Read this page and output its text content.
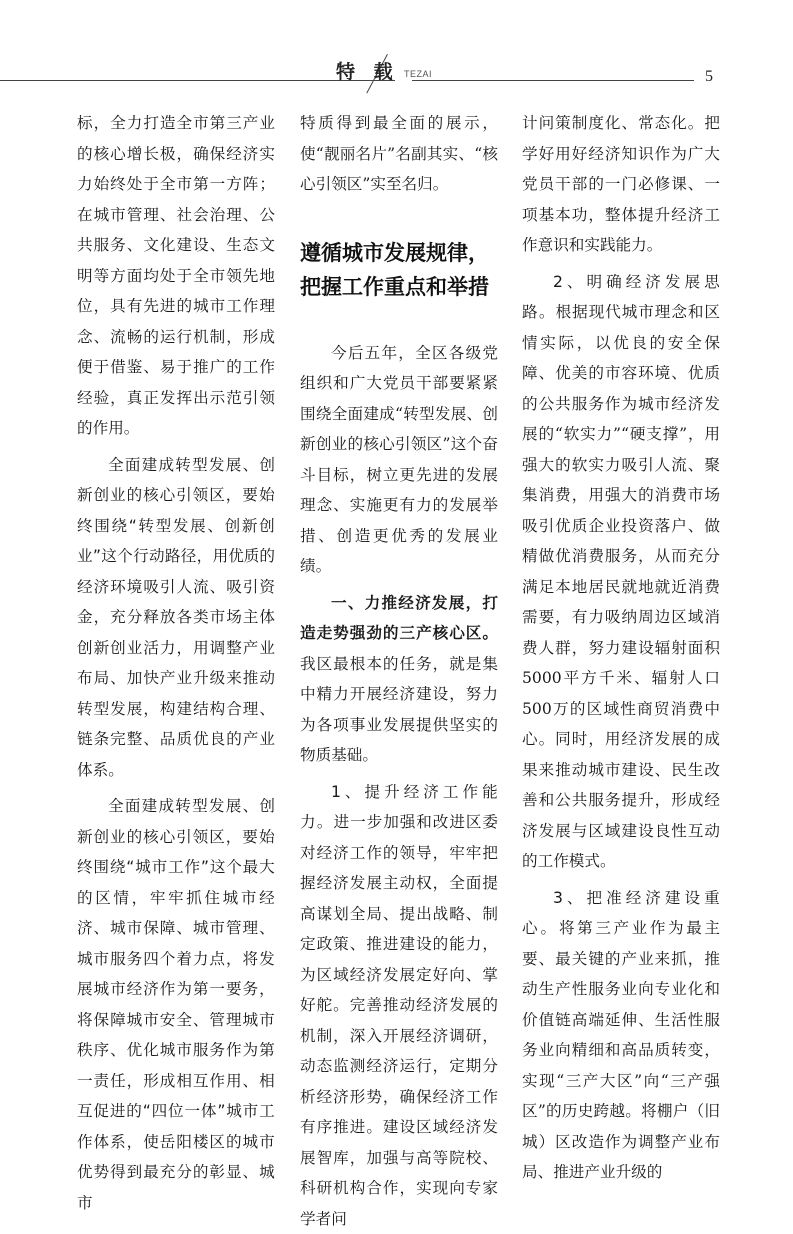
特 载 TEZAI	5

标，全力打造全市第三产业的核心增长极，确保经济实力始终处于全市第一方阵；在城市管理、社会治理、公共服务、文化建设、生态文明等方面均处于全市领先地位，具有先进的城市工作理念、流畅的运行机制，形成便于借鉴、易于推广的工作经验，真正发挥出示范引领的作用。

全面建成转型发展、创新创业的核心引领区，要始终围绕“转型发展、创新创业”这个行动路径，用优质的经济环境吸引人流、吸引资金，充分释放各类市场主体创新创业活力，用调整产业布局、加快产业升级来推动转型发展，构建结构合理、链条完整、品质优良的产业体系。

全面建成转型发展、创新创业的核心引领区，要始终围绕“城市工作”这个最大的区情，牢牢抓住城市经济、城市保障、城市管理、城市服务四个着力点，将发展城市经济作为第一要务，将保障城市安全、管理城市秩序、优化城市服务作为第一责任，形成相互作用、相互促进的“四位一体”城市工作体系，使岳阳楼区的城市优势得到最充分的彰显、城市

特质得到最全面的展示，使“靓丽名片”名副其实、“核心引领区”实至名归。

遵循城市发展规律，
把握工作重点和举措

今后五年，全区各级党组织和广大党员干部要紧紧围绕全面建成“转型发展、创新创业的核心引领区”这个奋斗目标，树立更先进的发展理念、实施更有力的发展举措、创造更优秀的发展业绩。

一、力推经济发展，打造走势强劲的三产核心区。我区最根本的任务，就是集中精力开展经济建设，努力为各项事业发展提供坚实的物质基础。

1、提升经济工作能力。进一步加强和改进区委对经济工作的领导，牢牢把握经济发展主动权，全面提高谋划全局、提出战略、制定政策、推进建设的能力，为区域经济发展定好向、掌好舵。完善推动经济发展的机制，深入开展经济调研，动态监测经济运行，定期分析经济形势，确保经济工作有序推进。建设区域经济发展智库，加强与高等院校、科研机构合作，实现向专家学者问

计问策制度化、常态化。把学好用好经济知识作为广大党员干部的一门必修课、一项基本功，整体提升经济工作意识和实践能力。

2、明确经济发展思路。根据现代城市理念和区情实际，以优良的安全保障、优美的市容环境、优质的公共服务作为城市经济发展的“软实力”“硬支撑”，用强大的软实力吸引人流、聚集消费，用强大的消费市场吸引优质企业投资落户、做精做优消费服务，从而充分满足本地居民就地就近消费需要，有力吸纳周边区域消费人群，努力建设辐射面积5000平方千米、辐射人口500万的区域性商贸消费中心。同时，用经济发展的成果来推动城市建设、民生改善和公共服务提升，形成经济发展与区域建设良性互动的工作模式。

3、把准经济建设重心。将第三产业作为最主要、最关键的产业来抓，推动生产性服务业向专业化和价值链高端延伸、生活性服务业向精细和高品质转变，实现“三产大区”向“三产强区”的历史跨越。将棚户（旧城）区改造作为调整产业布局、推进产业升级的
